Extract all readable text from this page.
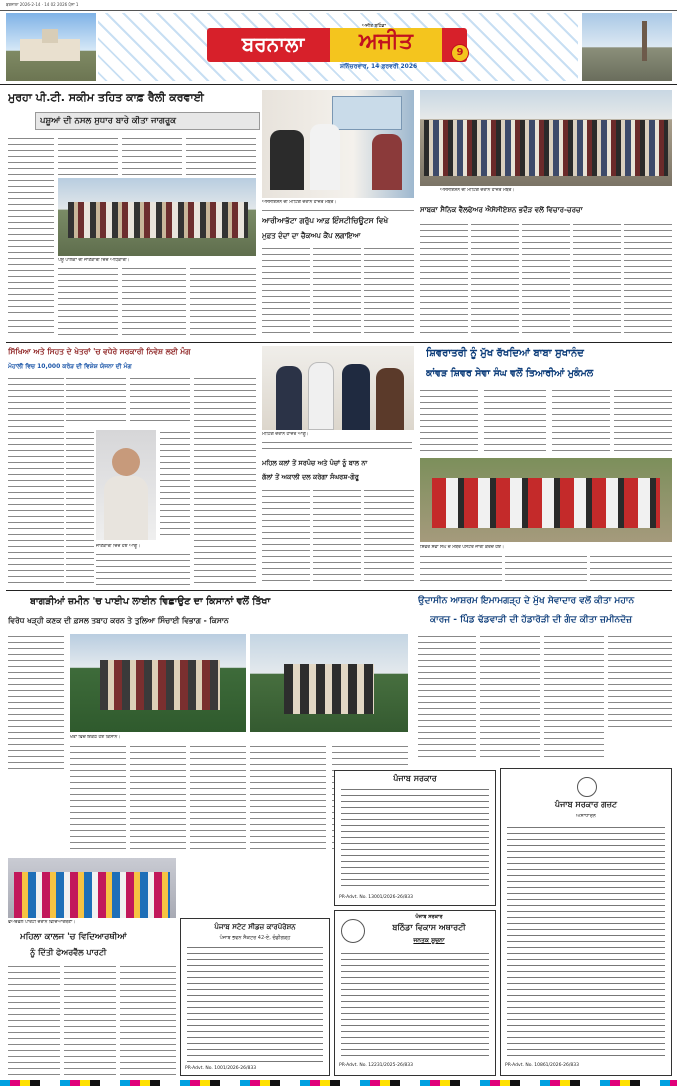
ਬਰਨਾਲਾ 2026-2-14 · 14 02 2026 ਪੰਨਾ 1
ਅਜੀਤ ਬਠਿੰਡਾ
ਬਰਨਾਲਾ	ਅਜੀਤ
ਸ਼ਨਿੱਚਰਵਾਰ, 14 ਫ਼ਰਵਰੀ 2026
9
ਮੁਰਹਾ ਪੀ.ਟੀ. ਸਕੀਮ ਤਹਿਤ ਕਾਫ਼ ਰੈਲੀ ਕਰਵਾਈ
ਪਸ਼ੂਆਂ ਦੀ ਨਸਲ ਸੁਧਾਰ ਬਾਰੇ ਕੀਤਾ ਜਾਗਰੂਕ
ਪਸ਼ੂ ਪਾਲਕਾਂ ਦੀ ਜਾਣਕਾਰੀ ਦਿੰਦੇ ਅਧਿਕਾਰੀ।
ਐਸੋਸੀਏਸ਼ਨ ਦੀ ਮੀਟਿੰਗ ਦੌਰਾਨ ਹਾਜ਼ਰ ਮੈਂਬਰ।
ਆਰੀਆਭੱਟਾ ਗਰੁੱਪ ਆਫ਼ ਇੰਸਟੀਚਿਊਟਸ ਵਿਖੇ
ਮੁਫ਼ਤ ਦੰਦਾਂ ਦਾ ਚੈੱਕਅਪ ਕੈਂਪ ਲਗਾਇਆ
ਐਸੋਸੀਏਸ਼ਨ ਦੀ ਮੀਟਿੰਗ ਦੌਰਾਨ ਹਾਜ਼ਰ ਮੈਂਬਰ।
ਸਾਬਕਾ ਸੈਨਿਕ ਵੈੱਲਫੇਅਰ ਐਸੋਸੀਏਸ਼ਨ ਭਦੌੜ ਵਲੋਂ ਵਿਚਾਰ-ਚਰਚਾ
ਸਿੱਖਿਆ ਅਤੇ ਸਿਹਤ ਦੇ ਖੇਤਰਾਂ 'ਚ ਵਧੇਰੇ ਸਰਕਾਰੀ ਨਿਵੇਸ਼ ਲਈ ਮੰਗ
ਮੋਹਾਲੀ ਵਿਚ 10,000 ਕਰੋੜ ਦੀ ਵਿਸ਼ੇਸ਼ ਯੋਜਨਾ ਦੀ ਮੰਗ
ਜਾਣਕਾਰੀ ਦਿੰਦੇ ਹੋਏ ਆਗੂ।
ਮੀਟਿੰਗ ਦੌਰਾਨ ਹਾਜ਼ਰ ਆਗੂ।
ਮਹਿਲ ਕਲਾਂ ਤੋਂ ਸਰਪੰਚ ਅਤੇ ਪੰਚਾਂ ਨੂੰ ਬਾਲ ਨਾ
ਗੱਲਾਂ ਤੋਂ ਅਕਾਲੀ ਦਲ ਕਰੇਗਾ ਸੰਘਰਸ਼-ਗੋਰੂ
ਸ਼ਿਵਰਾਤਰੀ ਨੂੰ ਮੁੱਖ ਰੱਖਦਿਆਂ ਬਾਬਾ ਸੁਖਾਨੰਦ
ਕਾਂਵੜ ਸ਼ਿਵਰ ਸੇਵਾ ਸੰਘ ਵਲੋਂ ਤਿਆਰੀਆਂ ਮੁਕੰਮਲ
ਸ਼ਿਵਰ ਸੇਵਾ ਸੰਘ ਦੇ ਮੈਂਬਰ ਪੋਸਟਰ ਜਾਰੀ ਕਰਦੇ ਹੋਏ।
ਬਾਗੜੀਆਂ ਜ਼ਮੀਨ 'ਚ ਪਾਈਪ ਲਾਈਨ ਵਿਛਾਉਣ ਦਾ ਕਿਸਾਨਾਂ ਵਲੋਂ ਤਿੱਖਾ
ਵਿਰੋਧ ਖੜ੍ਹੀ ਕਣਕ ਦੀ ਫ਼ਸਲ ਤਬਾਹ ਕਰਨ ਤੇ ਤੁਲਿਆ ਸਿੰਚਾਈ ਵਿਭਾਗ - ਕਿਸਾਨ
ਖੇਤਾਂ ਵਿਚ ਇਕੱਠੇ ਹੋਏ ਕਿਸਾਨ।
ਫੇਅਰਵੈੱਲ ਪਾਰਟੀ ਦੌਰਾਨ ਵਿਦਿਆਰਥਣਾਂ।
ਮਹਿਲਾ ਕਾਲਜ 'ਚ ਵਿਦਿਆਰਥੀਆਂ
ਨੂੰ ਦਿੱਤੀ ਫੇਅਰਵੈੱਲ ਪਾਰਟੀ
ਪੰਜਾਬ ਸਟੇਟ ਸੀਡਜ਼ ਕਾਰਪੋਰੇਸ਼ਨ
ਪੰਜਾਬ ਭਵਨ ਸੈਕਟਰ 42-ਏ, ਚੰਡੀਗੜ੍ਹ
PR-Advt. No. 1001/2026-26/833
ਉਦਾਸੀਨ ਆਸ਼ਰਮ ਇਮਾਮਗੜ੍ਹ ਦੇ ਮੁੱਖ ਸੇਵਾਦਾਰ ਵਲੋਂ ਕੀਤਾ ਮਹਾਨ
ਕਾਰਜ - ਪਿੰਡ ਢੱਡਵਾੜੀ ਦੀ ਹੱਡਾਰੋੜੀ ਦੀ ਗੰਦ ਕੀਤਾ ਜ਼ਮੀਨਦੋਜ਼
ਪੰਜਾਬ ਸਰਕਾਰ
PR-Advt. No. 13001/2026-26/833
ਪੰਜਾਬ ਸਰਕਾਰ
ਬਠਿੰਡਾ ਵਿਕਾਸ ਅਥਾਰਟੀ
ਜਨਤਕ ਸੂਚਨਾ
PR-Advt. No. 12231/2025-26/833
ਪੰਜਾਬ ਸਰਕਾਰ ਗਜ਼ਟ
ਅਸਾਧਾਰਨ
PR-Advt. No. 10861/2026-26/833
